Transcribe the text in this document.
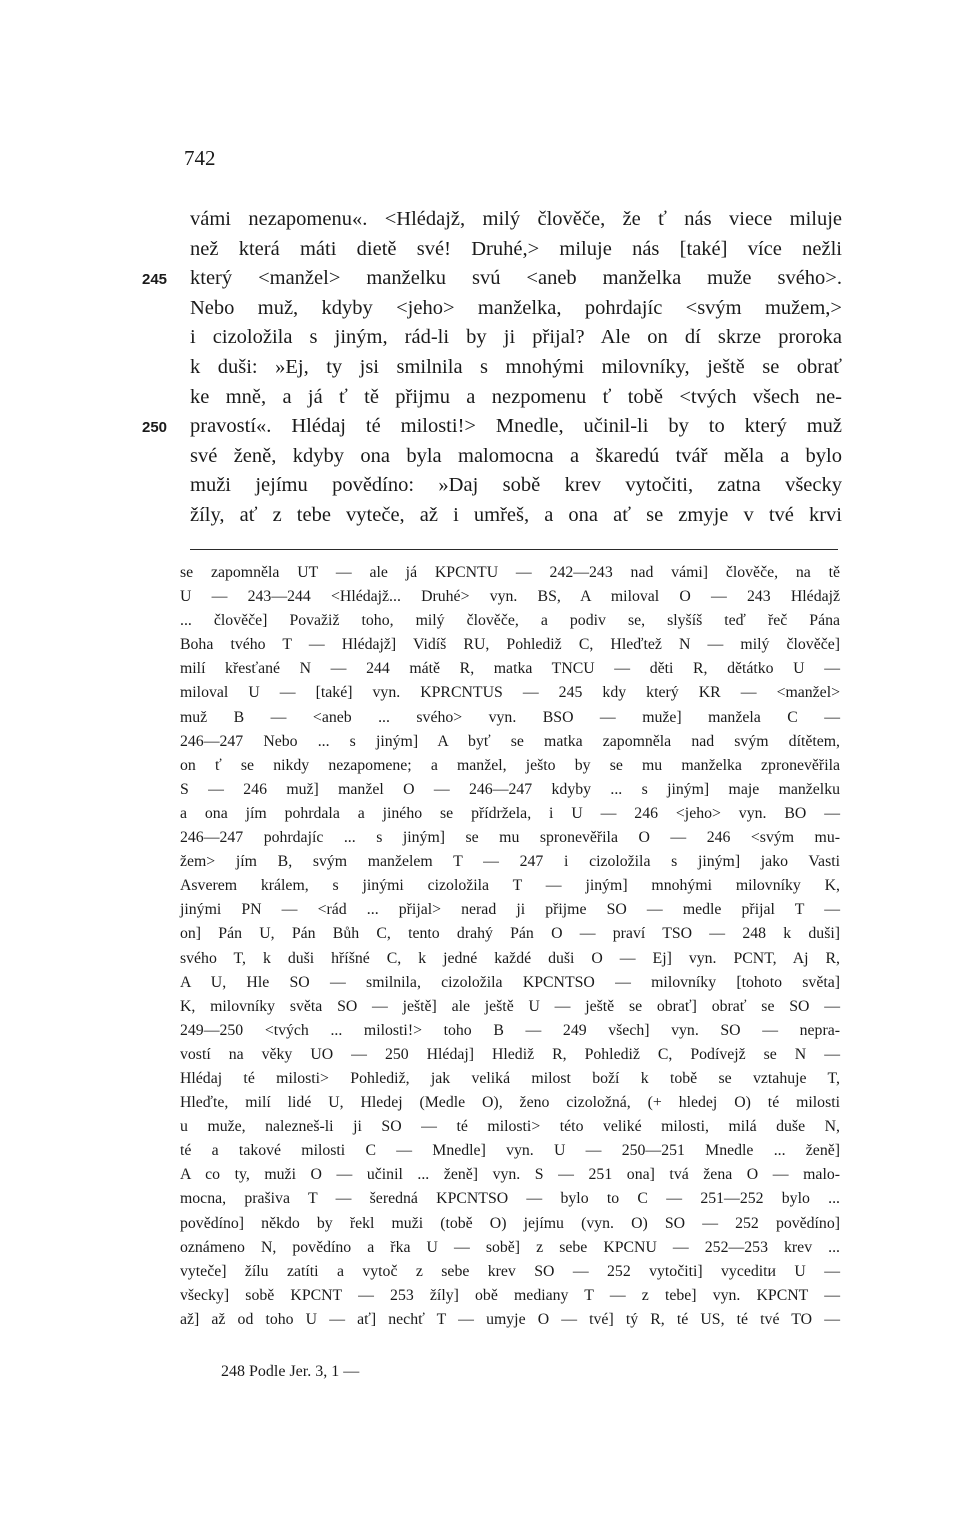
742
vámi nezapomenu«. <Hlédajž, milý člověče, že ť nás viece miluje
než která máti dietě své! Druhé,> miluje nás [také] více nežli
245 který <manžel> manželku svú <aneb manželka muže svého>.
Nebo muž, kdyby <jeho> manželka, pohrdajíc <svým mužem,>
i cizoložila s jiným, rád-li by ji přijal? Ale on dí skrze proroka
k duši: »Ej, ty jsi smilnila s mnohými milovníky, ještě se obrať
ke mně, a já ť tě přijmu a nezpomenu ť tobě <tvých všech ne-
250 pravostí«. Hlédaj té milosti!> Mnedle, učinil-li by to který muž
své ženě, kdyby ona byla malomocna a škaredú tvář měla a bylo
muži jejímu povědíno: »Daj sobě krev vytočiti, zatna všecky
žíly, ať z tebe vyteče, až i umřeš, a ona ať se zmyje v tvé krvi
se zapomněla UT — ale já KPCNTU — 242—243 nad vámi] člověče, na tě
U — 243—244 <Hlédajž... Druhé> vyn. BS, A miloval O — 243 Hlédajž
... člověče] Považiž toho, milý člověče, a podiv se, slyšíš teď řeč Pána
Boha tvého T — Hlédajž] Vidíš RU, Pohlediž C, Hleďtež N — milý člověče]
milí křesťané N — 244 mátě R, matka TNCU — děti R, dětátko U —
miloval U — [také] vyn. KPRCNTUS — 245 kdy který KR — <manžel>
muž B — <aneb ... svého> vyn. BSO — muže] manžela C —
246—247 Nebo ... s jiným] A byť se matka zapomněla nad svým dítětem,
on ť se nikdy nezapomene; a manžel, ješto by se mu manželka zpronevěřila
S — 246 muž] manžel O — 246—247 kdyby ... s jiným] maje manželku
a ona jím pohrdala a jiného se přídržela, i U — 246 <jeho> vyn. BO —
246—247 pohrdajíc ... s jiným] se mu spronevěřila O — 246 <svým mu-
žem> jím B, svým manželem T — 247 i cizoložila s jiným] jako Vasti
Asverem králem, s jinými cizoložila T — jiným] mnohými milovníky K,
jinými PN — <rád ... přijal> nerad ji přijme SO — medle přijal T —
on] Pán U, Pán Bůh C, tento drahý Pán O — praví TSO — 248 k duši]
svého T, k duši hříšné C, k jedné každé duši O — Ej] vyn. PCNT, Aj R,
A U, Hle SO — smilnila, cizoložila KPCNTSO — milovníky [tohoto světa]
K, milovníky světa SO — ještě] ale ještě U — ještě se obrať] obrať se SO —
249—250 <tvých ... milosti!> toho B — 249 všech] vyn. SO — nepra-
vostí na věky UO — 250 Hlédaj] Hlediž R, Pohlediž C, Podívejž se N —
Hlédaj té milosti> Pohlediž, jak veliká milost boží k tobě se vztahuje T,
Hleďte, milí lidé U, Hledej (Medle O), ženo cizoložná, (+ hledej O) té milosti
u muže, nalezneš-li ji SO — té milosti> této veliké milosti, milá duše N,
té a takové milosti C — Mnedle] vyn. U — 250—251 Mnedle ... ženě]
A co ty, muži O — učinil ... ženě] vyn. S — 251 ona] tvá žena O — malo-
mocna, prašiva T — šeredná KPCNTSO — bylo to C — 251—252 bylo ...
povědíno] někdo by řekl muži (tobě O) jejímu (vyn. O) SO — 252 povědíno]
oznámeno N, povědíno a řka U — sobě] z sebe KPCNU — 252—253 krev ...
vyteče] žílu zatíti a vytoč z sebe krev SO — 252 vytočiti] vyceditи U —
všecky] sobě KPCNT — 253 žíly] obě mediany T — z tebe] vyn. KPCNT —
až] až od toho U — ať] nechť T — umyje O — tvé] tý R, té US, té tvé TO —
248 Podle Jer. 3, 1 —
